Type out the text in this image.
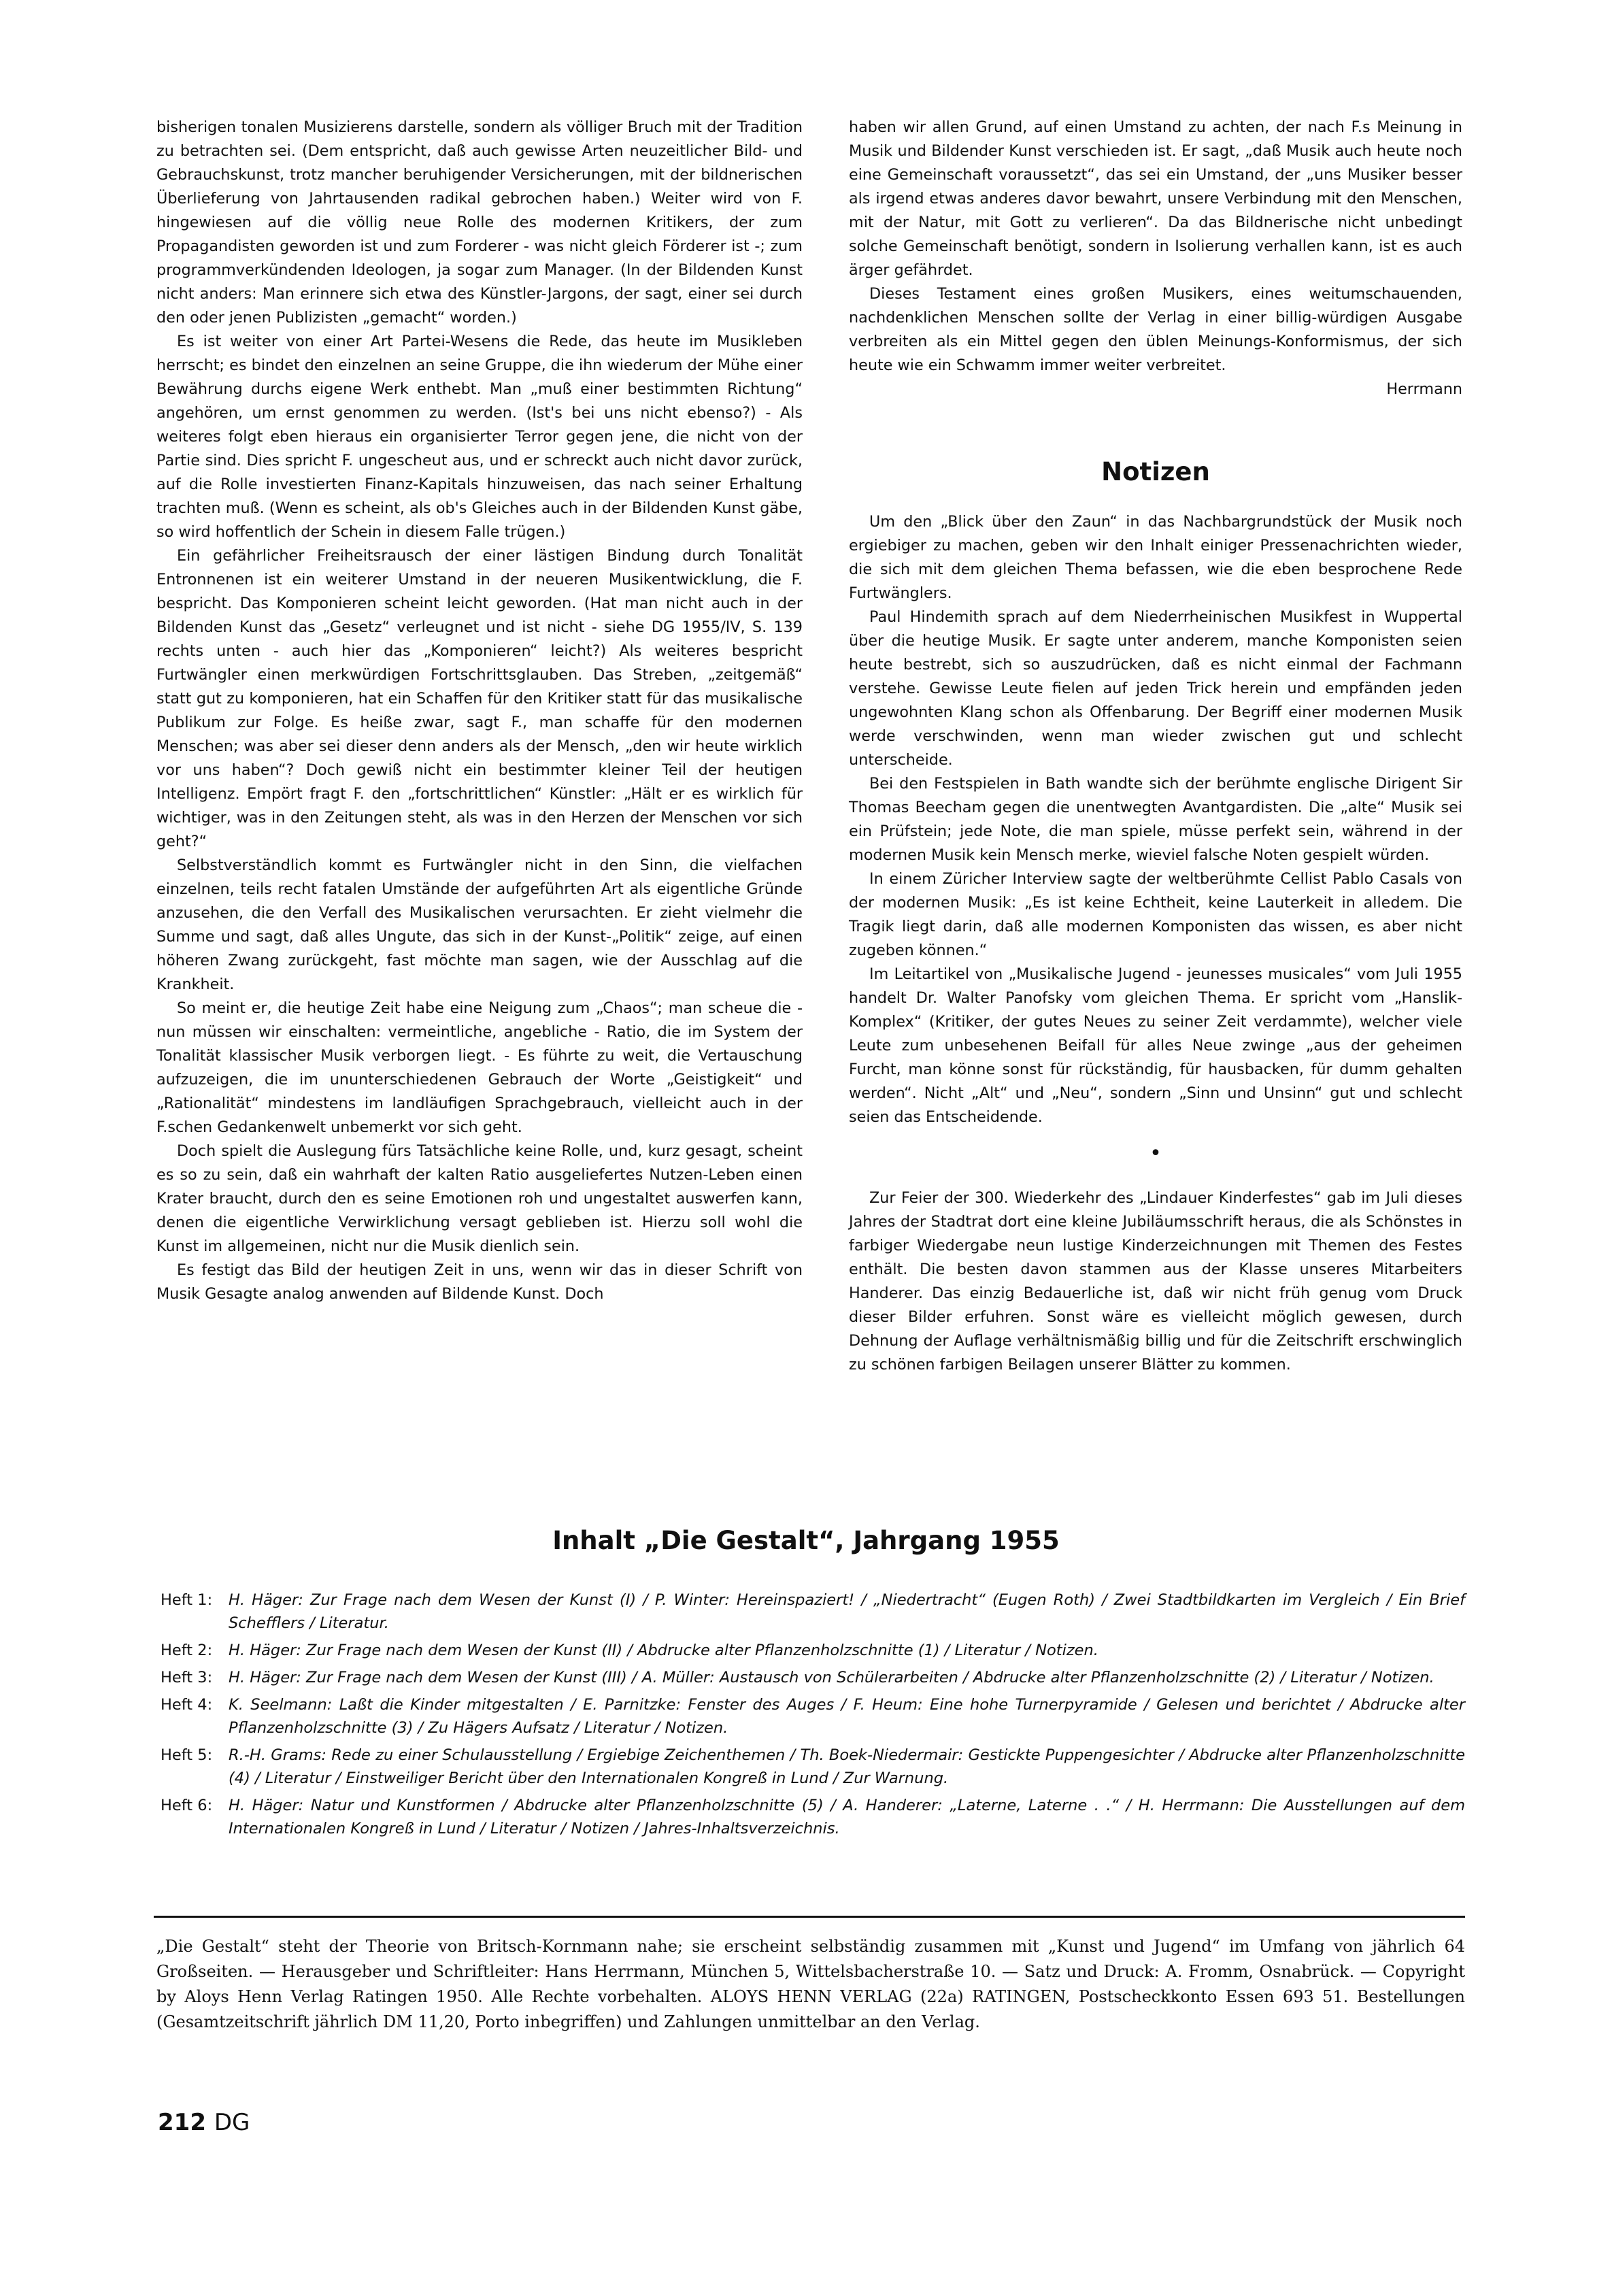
bisherigen tonalen Musizierens darstelle, sondern als völliger Bruch mit der Tradition zu betrachten sei. (Dem entspricht, daß auch gewisse Arten neuzeitlicher Bild- und Gebrauchskunst, trotz mancher beruhigender Versicherungen, mit der bildnerischen Überlieferung von Jahrtausenden radikal gebrochen haben.) Weiter wird von F. hingewiesen auf die völlig neue Rolle des modernen Kritikers, der zum Propagandisten geworden ist und zum Forderer - was nicht gleich Förderer ist -; zum programmverkündenden Ideologen, ja sogar zum Manager. (In der Bildenden Kunst nicht anders: Man erinnere sich etwa des Künstler-Jargons, der sagt, einer sei durch den oder jenen Publizisten „gemacht“ worden.)

Es ist weiter von einer Art Partei-Wesens die Rede, das heute im Musikleben herrscht; es bindet den einzelnen an seine Gruppe, die ihn wiederum der Mühe einer Bewährung durchs eigene Werk enthebt. Man „muß einer bestimmten Richtung“ angehören, um ernst genommen zu werden. (Ist's bei uns nicht ebenso?) - Als weiteres folgt eben hieraus ein organisierter Terror gegen jene, die nicht von der Partie sind. Dies spricht F. ungescheut aus, und er schreckt auch nicht davor zurück, auf die Rolle investierten Finanz-Kapitals hinzuweisen, das nach seiner Erhaltung trachten muß. (Wenn es scheint, als ob's Gleiches auch in der Bildenden Kunst gäbe, so wird hoffentlich der Schein in diesem Falle trügen.)

Ein gefährlicher Freiheitsrausch der einer lästigen Bindung durch Tonalität Entronnenen ist ein weiterer Umstand in der neueren Musikentwicklung, die F. bespricht. Das Komponieren scheint leicht geworden. (Hat man nicht auch in der Bildenden Kunst das „Gesetz“ verleugnet und ist nicht - siehe DG 1955/IV, S. 139 rechts unten - auch hier das „Komponieren“ leicht?) Als weiteres bespricht Furtwängler einen merkwürdigen Fortschrittsglauben. Das Streben, „zeitgemäß“ statt gut zu komponieren, hat ein Schaffen für den Kritiker statt für das musikalische Publikum zur Folge. Es heiße zwar, sagt F., man schaffe für den modernen Menschen; was aber sei dieser denn anders als der Mensch, „den wir heute wirklich vor uns haben“? Doch gewiß nicht ein bestimmter kleiner Teil der heutigen Intelligenz. Empört fragt F. den „fortschrittlichen“ Künstler: „Hält er es wirklich für wichtiger, was in den Zeitungen steht, als was in den Herzen der Menschen vor sich geht?“

Selbstverständlich kommt es Furtwängler nicht in den Sinn, die vielfachen einzelnen, teils recht fatalen Umstände der aufgeführten Art als eigentliche Gründe anzusehen, die den Verfall des Musikalischen verursachten. Er zieht vielmehr die Summe und sagt, daß alles Ungute, das sich in der Kunst-„Politik“ zeige, auf einen höheren Zwang zurückgeht, fast möchte man sagen, wie der Ausschlag auf die Krankheit.

So meint er, die heutige Zeit habe eine Neigung zum „Chaos“; man scheue die - nun müssen wir einschalten: vermeintliche, angebliche - Ratio, die im System der Tonalität klassischer Musik verborgen liegt. - Es führte zu weit, die Vertauschung aufzuzeigen, die im ununterschiedenen Gebrauch der Worte „Geistigkeit“ und „Rationalität“ mindestens im landläufigen Sprachgebrauch, vielleicht auch in der F.schen Gedankenwelt unbemerkt vor sich geht.

Doch spielt die Auslegung fürs Tatsächliche keine Rolle, und, kurz gesagt, scheint es so zu sein, daß ein wahrhaft der kalten Ratio ausgeliefertes Nutzen-Leben einen Krater braucht, durch den es seine Emotionen roh und ungestaltet auswerfen kann, denen die eigentliche Verwirklichung versagt geblieben ist. Hierzu soll wohl die Kunst im allgemeinen, nicht nur die Musik dienlich sein.

Es festigt das Bild der heutigen Zeit in uns, wenn wir das in dieser Schrift von Musik Gesagte analog anwenden auf Bildende Kunst. Doch

haben wir allen Grund, auf einen Umstand zu achten, der nach F.s Meinung in Musik und Bildender Kunst verschieden ist. Er sagt, „daß Musik auch heute noch eine Gemeinschaft voraussetzt“, das sei ein Umstand, der „uns Musiker besser als irgend etwas anderes davor bewahrt, unsere Verbindung mit den Menschen, mit der Natur, mit Gott zu verlieren“. Da das Bildnerische nicht unbedingt solche Gemeinschaft benötigt, sondern in Isolierung verhallen kann, ist es auch ärger gefährdet.

Dieses Testament eines großen Musikers, eines weitumschauenden, nachdenklichen Menschen sollte der Verlag in einer billig-würdigen Ausgabe verbreiten als ein Mittel gegen den üblen Meinungs-Konformismus, der sich heute wie ein Schwamm immer weiter verbreitet.

Herrmann

Notizen

Um den „Blick über den Zaun“ in das Nachbargrundstück der Musik noch ergiebiger zu machen, geben wir den Inhalt einiger Pressenachrichten wieder, die sich mit dem gleichen Thema befassen, wie die eben besprochene Rede Furtwänglers.

Paul Hindemith sprach auf dem Niederrheinischen Musikfest in Wuppertal über die heutige Musik. Er sagte unter anderem, manche Komponisten seien heute bestrebt, sich so auszudrücken, daß es nicht einmal der Fachmann verstehe. Gewisse Leute fielen auf jeden Trick herein und empfänden jeden ungewohnten Klang schon als Offenbarung. Der Begriff einer modernen Musik werde verschwinden, wenn man wieder zwischen gut und schlecht unterscheide.

Bei den Festspielen in Bath wandte sich der berühmte englische Dirigent Sir Thomas Beecham gegen die unentwegten Avantgardisten. Die „alte“ Musik sei ein Prüfstein; jede Note, die man spiele, müsse perfekt sein, während in der modernen Musik kein Mensch merke, wieviel falsche Noten gespielt würden.

In einem Züricher Interview sagte der weltberühmte Cellist Pablo Casals von der modernen Musik: „Es ist keine Echtheit, keine Lauterkeit in alledem. Die Tragik liegt darin, daß alle modernen Komponisten das wissen, es aber nicht zugeben können.“

Im Leitartikel von „Musikalische Jugend - jeunesses musicales“ vom Juli 1955 handelt Dr. Walter Panofsky vom gleichen Thema. Er spricht vom „Hanslik-Komplex“ (Kritiker, der gutes Neues zu seiner Zeit verdammte), welcher viele Leute zum unbesehenen Beifall für alles Neue zwinge „aus der geheimen Furcht, man könne sonst für rückständig, für hausbacken, für dumm gehalten werden“. Nicht „Alt“ und „Neu“, sondern „Sinn und Unsinn“ gut und schlecht seien das Entscheidende.

•

Zur Feier der 300. Wiederkehr des „Lindauer Kinderfestes“ gab im Juli dieses Jahres der Stadtrat dort eine kleine Jubiläumsschrift heraus, die als Schönstes in farbiger Wiedergabe neun lustige Kinderzeichnungen mit Themen des Festes enthält. Die besten davon stammen aus der Klasse unseres Mitarbeiters Handerer. Das einzig Bedauerliche ist, daß wir nicht früh genug vom Druck dieser Bilder erfuhren. Sonst wäre es vielleicht möglich gewesen, durch Dehnung der Auflage verhältnismäßig billig und für die Zeitschrift erschwinglich zu schönen farbigen Beilagen unserer Blätter zu kommen.

Inhalt „Die Gestalt“, Jahrgang 1955
Heft 1:	H. Häger: Zur Frage nach dem Wesen der Kunst (I) / P. Winter: Hereinspaziert! / „Niedertracht“ (Eugen Roth) / Zwei Stadtbildkarten im Vergleich / Ein Brief Schefflers / Literatur.
Heft 2:	H. Häger: Zur Frage nach dem Wesen der Kunst (II) / Abdrucke alter Pflanzenholzschnitte (1) / Literatur / Notizen.
Heft 3:	H. Häger: Zur Frage nach dem Wesen der Kunst (III) / A. Müller: Austausch von Schülerarbeiten / Abdrucke alter Pflanzenholzschnitte (2) / Literatur / Notizen.
Heft 4:	K. Seelmann: Laßt die Kinder mitgestalten / E. Parnitzke: Fenster des Auges / F. Heum: Eine hohe Turnerpyramide / Gelesen und berichtet / Abdrucke alter Pflanzenholzschnitte (3) / Zu Hägers Aufsatz / Literatur / Notizen.
Heft 5:	R.-H. Grams: Rede zu einer Schulausstellung / Ergiebige Zeichenthemen / Th. Boek-Niedermair: Gestickte Puppengesichter / Abdrucke alter Pflanzenholzschnitte (4) / Literatur / Einstweiliger Bericht über den Internationalen Kongreß in Lund / Zur Warnung.
Heft 6:	H. Häger: Natur und Kunstformen / Abdrucke alter Pflanzenholzschnitte (5) / A. Handerer: „Laterne, Laterne . .“ / H. Herrmann: Die Ausstellungen auf dem Internationalen Kongreß in Lund / Literatur / Notizen / Jahres-Inhaltsverzeichnis.
„Die Gestalt“ steht der Theorie von Britsch-Kornmann nahe; sie erscheint selbständig zusammen mit „Kunst und Jugend“ im Umfang von jährlich 64 Großseiten. — Herausgeber und Schriftleiter: Hans Herrmann, München 5, Wittelsbacherstraße 10. — Satz und Druck: A. Fromm, Osnabrück. — Copyright by Aloys Henn Verlag Ratingen 1950. Alle Rechte vorbehalten. ALOYS HENN VERLAG (22a) RATINGEN, Postscheckkonto Essen 693 51. Bestellungen (Gesamtzeitschrift jährlich DM 11,20, Porto inbegriffen) und Zahlungen unmittelbar an den Verlag.
212 DG
